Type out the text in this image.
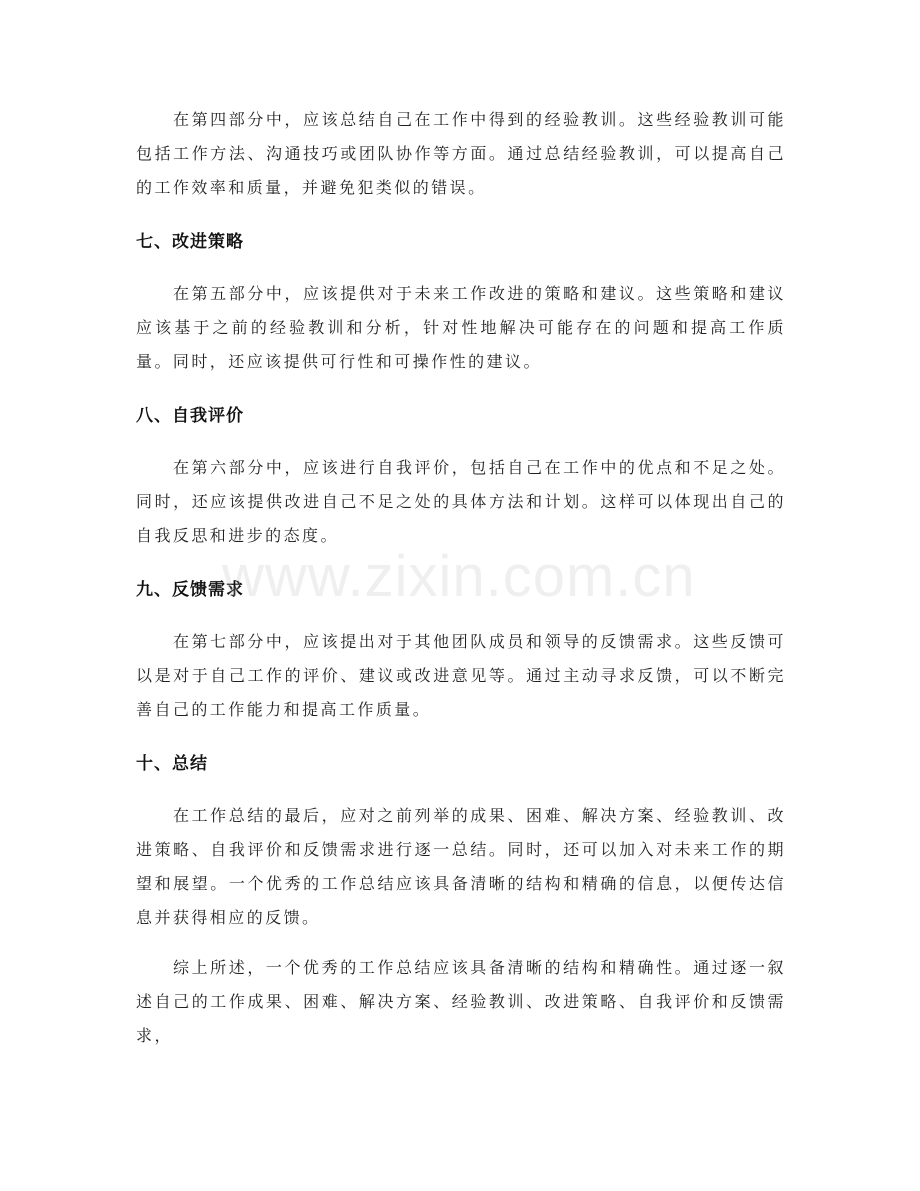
在第四部分中，应该总结自己在工作中得到的经验教训。这些经验教训可能包括工作方法、沟通技巧或团队协作等方面。通过总结经验教训，可以提高自己的工作效率和质量，并避免犯类似的错误。

七、改进策略

在第五部分中，应该提供对于未来工作改进的策略和建议。这些策略和建议应该基于之前的经验教训和分析，针对性地解决可能存在的问题和提高工作质量。同时，还应该提供可行性和可操作性的建议。

八、自我评价

在第六部分中，应该进行自我评价，包括自己在工作中的优点和不足之处。同时，还应该提供改进自己不足之处的具体方法和计划。这样可以体现出自己的自我反思和进步的态度。

九、反馈需求

在第七部分中，应该提出对于其他团队成员和领导的反馈需求。这些反馈可以是对于自己工作的评价、建议或改进意见等。通过主动寻求反馈，可以不断完善自己的工作能力和提高工作质量。

十、总结

在工作总结的最后，应对之前列举的成果、困难、解决方案、经验教训、改进策略、自我评价和反馈需求进行逐一总结。同时，还可以加入对未来工作的期望和展望。一个优秀的工作总结应该具备清晰的结构和精确的信息，以便传达信息并获得相应的反馈。

综上所述，一个优秀的工作总结应该具备清晰的结构和精确性。通过逐一叙述自己的工作成果、困难、解决方案、经验教训、改进策略、自我评价和反馈需求，

www.zixin.com.cn
